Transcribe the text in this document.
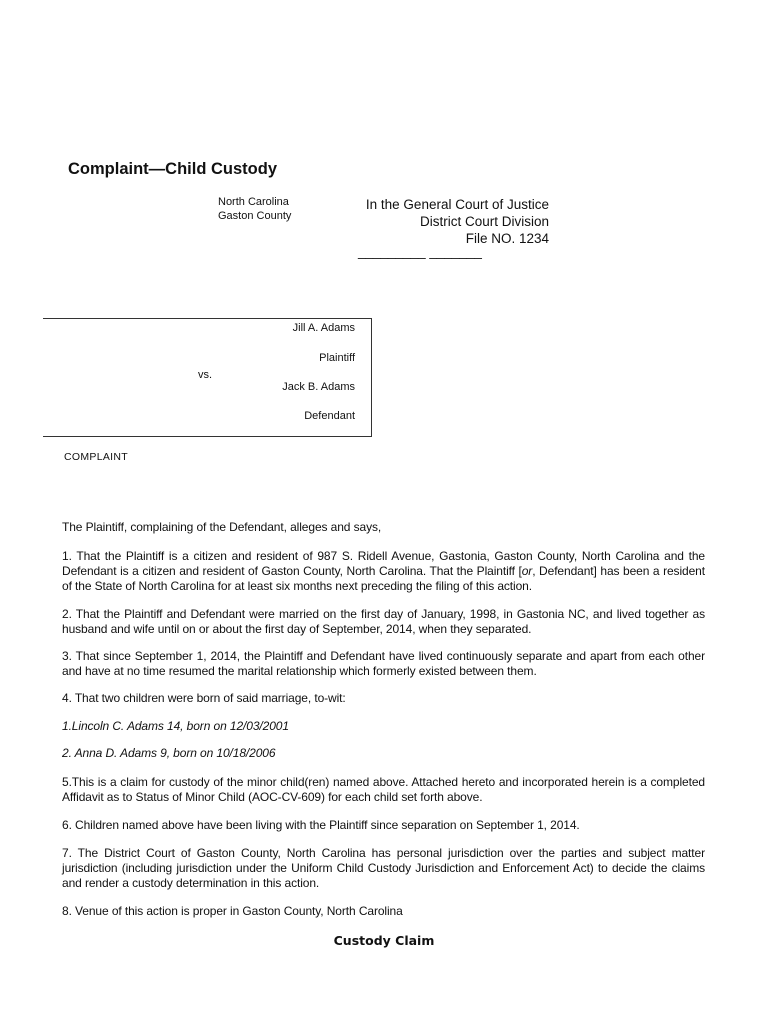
Complaint—Child Custody
North Carolina
Gaston County
In the General Court of Justice
District Court Division
File NO. 1234
_________ _______
Jill A. Adams
Plaintiff
vs.
Jack B. Adams
Defendant
COMPLAINT
The Plaintiff, complaining of the Defendant, alleges and says,
1. That the Plaintiff is a citizen and resident of 987 S. Ridell Avenue, Gastonia, Gaston County, North Carolina and the Defendant is a citizen and resident of Gaston County, North Carolina. That the Plaintiff [or, Defendant] has been a resident of the State of North Carolina for at least six months next preceding the filing of this action.
2. That the Plaintiff and Defendant were married on the first day of January, 1998, in Gastonia NC, and lived together as husband and wife until on or about the first day of September, 2014, when they separated.
3. That since September 1, 2014, the Plaintiff and Defendant have lived continuously separate and apart from each other and have at no time resumed the marital relationship which formerly existed between them.
4. That two children were born of said marriage, to-wit:
1.Lincoln C. Adams 14, born on 12/03/2001
2. Anna D. Adams 9, born on 10/18/2006
5.This is a claim for custody of the minor child(ren) named above. Attached hereto and incorporated herein is a completed Affidavit as to Status of Minor Child (AOC-CV-609) for each child set forth above.
6. Children named above have been living with the Plaintiff since separation on September 1, 2014.
7. The District Court of Gaston County, North Carolina has personal jurisdiction over the parties and subject matter jurisdiction (including jurisdiction under the Uniform Child Custody Jurisdiction and Enforcement Act) to decide the claims and render a custody determination in this action.
8. Venue of this action is proper in Gaston County, North Carolina
Custody Claim
